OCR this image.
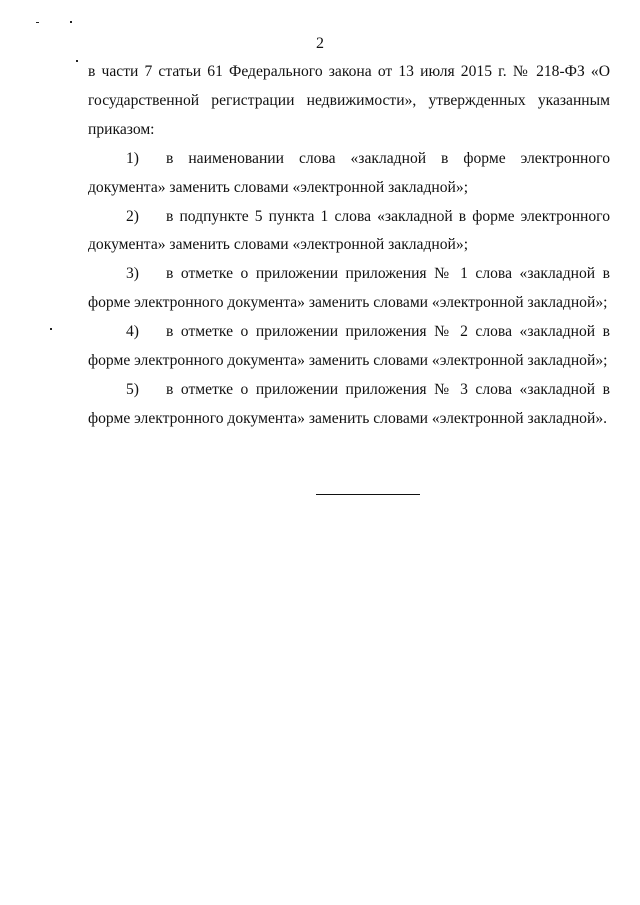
2

в части 7 статьи 61 Федерального закона от 13 июля 2015 г. № 218-ФЗ «О государственной регистрации недвижимости», утвержденных указанным приказом:

1) в наименовании слова «закладной в форме электронного документа» заменить словами «электронной закладной»;

2) в подпункте 5 пункта 1 слова «закладной в форме электронного документа» заменить словами «электронной закладной»;

3) в отметке о приложении приложения № 1 слова «закладной в форме электронного документа» заменить словами «электронной закладной»;

4) в отметке о приложении приложения № 2 слова «закладной в форме электронного документа» заменить словами «электронной закладной»;

5) в отметке о приложении приложения № 3 слова «закладной в форме электронного документа» заменить словами «электронной закладной».
